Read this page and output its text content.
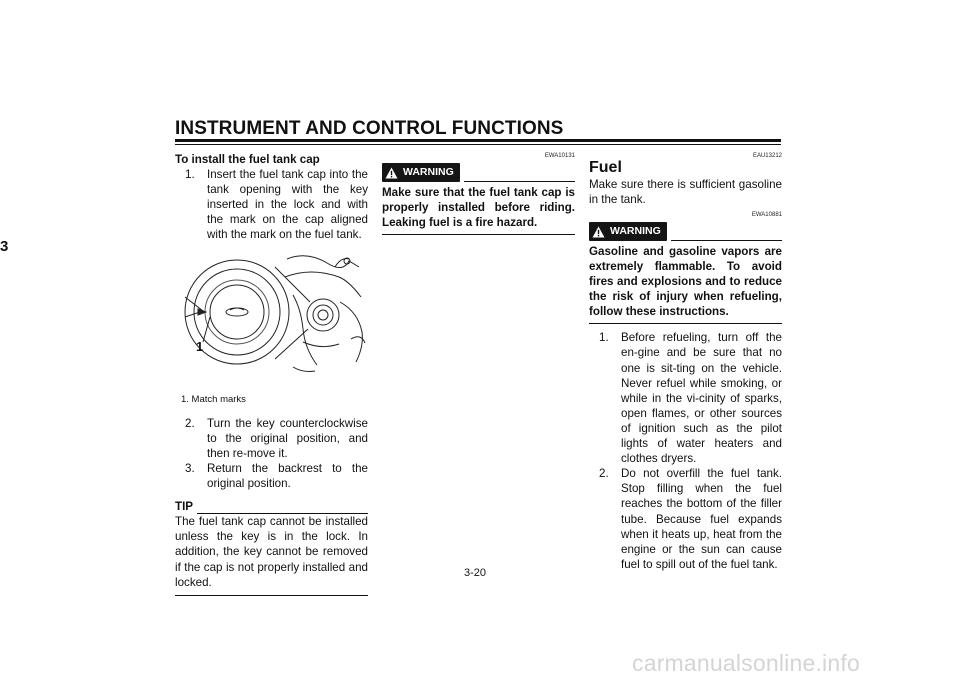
INSTRUMENT AND CONTROL FUNCTIONS
3
To install the fuel tank cap
1.	Insert the fuel tank cap into the tank opening with the key inserted in the lock and with the mark on the cap aligned with the mark on the fuel tank.
1
1. Match marks
2.	Turn the key counterclockwise to the original position, and then re-move it.
3.	Return the backrest to the original position.
TIP
The fuel tank cap cannot be installed unless the key is in the lock. In addition, the key cannot be removed if the cap is not properly installed and locked.
EWA10131
WARNING
Make sure that the fuel tank cap is properly installed before riding. Leaking fuel is a fire hazard.
EAU13212
Fuel
Make sure there is sufficient gasoline in the tank.
EWA10881
WARNING
Gasoline and gasoline vapors are extremely flammable. To avoid fires and explosions and to reduce the risk of injury when refueling, follow these instructions.
1.	Before refueling, turn off the en-gine and be sure that no one is sit-ting on the vehicle. Never refuel while smoking, or while in the vi-cinity of sparks, open flames, or other sources of ignition such as the pilot lights of water heaters and clothes dryers.
2.	Do not overfill the fuel tank. Stop filling when the fuel reaches the bottom of the filler tube. Because fuel expands when it heats up, heat from the engine or the sun can cause fuel to spill out of the fuel tank.
3-20
carmanualsonline.info
